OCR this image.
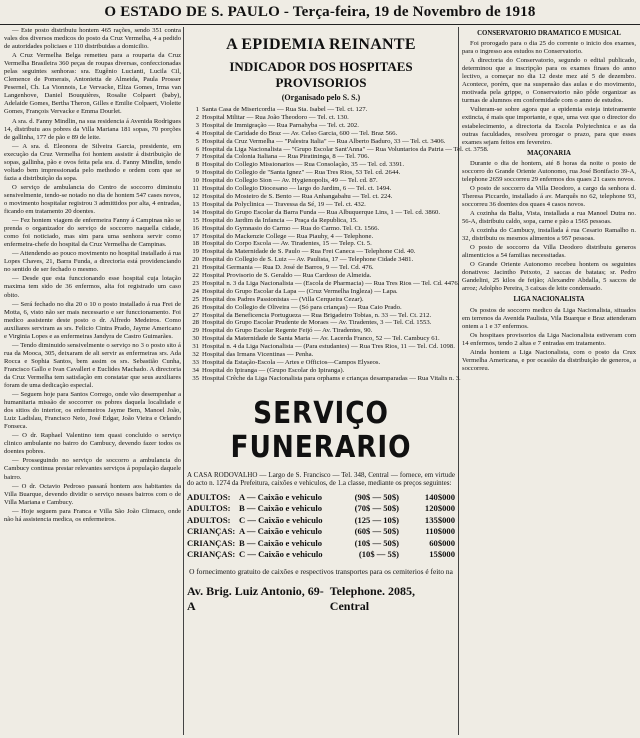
O ESTADO DE S. PAULO - Terça-feira, 19 de Novembro de 1918

— Este posto distribuiu hontem 465 rações, sendo 351 contra vales dos diversos medicos do posto da Cruz Vermelha, 4 a pedido de autoridades policiaes e 110 distribuidas a domicilio.

A Cruz Vermelha Belga remetteu para a rouparia da Cruz Vermelha Brasileira 360 peças de roupas diversas, confeccionadas pelas seguintes senhoras: sra. Eugênio Lucianti, Lucila Cil, Clemence de Pomerais, Antonietta de Almeida, Paula Prosser Pesernel, Ch. La Vionnois, Le Vervacke, Eliza Gomes, Irma van Langenhove, Daniel Bouquières, Rosalie Colpaert (baby), Adelaide Gomes, Bertha Theron, Gilles e Emilie Colpaert, Violette Gomes, François Vervacke e Emma Dourlet.

A sra. d. Fanny Mindlin, na sua residencia á Avenida Rodrigues 14, distribuiu aos pobres da Villa Mariana 181 sopas, 70 porções de gallinha, 177 de pão e 89 de leite.

— A sra. d. Eleonora de Silveira Garcia, presidente, em execução da Cruz Vermelha foi hontem assistir á distribuição de sopas, gallinha, pão e ovos feita pela sra. d. Fanny Mindlin, tendo voltado bem impressionada pelo methodo e ordem com que se fazia a distribuição da sopa.

O serviço de ambulancia do Centro de soccorro diminuiu sensivelmente, tendo-se notado no dia de hontem 547 cases novos, o movimento hospitalar registrou 3 admittidos por alta, 4 entradas, ficando em tratamento 20 doentes.

— Fez hontem viagem de enfermeira Fanny á Campinas não se prenda o organizador do serviço de soccorro naquella cidade, como foi noticiado, mas sim para uma senhora servir como enfermeira-chefe do hospital da Cruz Vermelha de Campinas.

— Attendendo ao pouco movimento no hospital installado á rua Lopes Chaves, 21, Barra Funda, a directoria está providenciando no sentido de ser fechado o mesmo.

— Desde que esta funccionando esse hospital cuja lotação maxima tem sido de 36 enfermos, alta foi registrado um caso obito.

— Será fechado no dia 20 o 10 o posto installado á rua Frei de Motta, 6, visto não ser mais necessario e ser funccionamento. Foi medico assistente deste posto o dr. Alfredo Medeiros. Como auxiliares serviram as srs. Felicio Cintra Prado, Jayme Americano e Virginia Lopes e as enfermeiras Jandyra de Castro Guimarães.

— Tendo diminuido sensivelmente o serviço no 3 o posto sito á rua da Mooca, 305, deixaram de ali servir as enfermeiras srs. Ada Rocca e Sophia Santos, bem assim os srs. Sebastião Cunha, Francisco Gallo e Ivan Cavalleri e Euclides Machado. A directoria da Cruz Vermelha tem satisfação em constatar que seus auxiliares foram de uma dedicação especial.

— Seguem hoje para Santos Corrego, onde vão desempenhar a humanitaria missão de soccorrer os pobres daquela localidade e dos sitios do interior, os enfermeiros Jayme Bem, Manoel João, Luiz Ladislau, Francisco Neto, José Edgar, João Vieira e Orlando Fonseca.

— O dr. Raphael Valentino tem quasi concluido o serviço clinico ambulante no bairro do Cambucy, devendo fazer todos os doentes pobres.

— Prosseguindo no serviço de soccorro a ambulancia do Cambucy continua prestar relevantes serviços á população daquele bairro.

— O dr. Octavio Pedroso passará hontem aos habitantes da Villa Buarque, devendo dividir o serviço nesses bairros com o de Villa Mariana e Cambucy.

— Hoje seguem para Franca e Villa São João Climaco, onde não há assistencia medica, os enfermeiros.

A EPIDEMIA REINANTE
INDICADOR DOS HOSPITAES PROVISORIOS
(Organisado pelo S. S.)
1 Santa Casa de Misericordia — Rua Sta. Isabel — Tel. ct. 127.
2 Hospital Militar — Rua João Theodoro — Tel. ct. 130.
3 Hospital de Immigração — Rua Parnahyba — Tel. ct. 202.
4 Hospital de Caridade do Braz — Av. Celso Garcia, 600 — Tel. Braz 566.
5 Hospital da Cruz Vermelha — "Palestra Italia" — Rua Alberto Baduro, 33 — Tel. ct. 3406.
6 Hospital da Liga Nacionalista — "Grupo Escolar Sant'Anna" — Rua Voluntarios da Patria — Tel. ct. 3758.
7 Hospital da Colonia Italiana — Rua Piratininga, 8 — Tel. 706.
8 Hospital do Collegio Missionarios — Rua Consolação, 35 — Tel. cd. 3391.
9 Hospital do Collegio de "Santa Ignez" — Rua Tres Rios, 53 Tel. cd. 2644.
10 Hospital do Collegio Sion — Av. Hygienopolis, 49 — Tel. cd. 87.
11 Hospital do Collegio Diocesano — largo do Jardim, 6 — Tel. ct. 1494.
12 Hospital do Mosteiro de S. Bento — Rua Anhangabahu — Tel. ct. 224.
13 Hospital da Polyclinica — Travessa da Sé, 19 — Tel. ct. 432.
14 Hospital do Grupo Escolar da Barra Funda — Rua Albuquerque Lins, 1 — Tel. cd. 3860.
15 Hospital do Jardim da Infancia — Praça da Republica, 15.
16 Hospital do Gymnasio do Carmo — Rua do Carmo. Tel. Ct. 1566.
17 Hospital do Mackenzie College — Rua Piauhy, 4 — Telephone.
18 Hospital do Corpo Escola — Av. Tiradentes, 15 — Telep. Ct. 5.
19 Hospital da Maternidade de S. Paulo — Rua Frei Caneca — Telephone Cid. 40.
20 Hospital do Collegio de S. Luiz — Av. Paulista, 17 — Telephone Cidade 3481.
21 Hospital Germania — Rua D. José de Barros, 9 — Tel. Cd. 476.
22 Hospital Provisorio de S. Geraldo — Rua Cardoso de Almeida.
23 Hospital n. 3 da Liga Nacionalista — (Escola de Pharmacia) — Rua Tres Rios — Tel. Cd. 4476.
24 Hospital do Grupo Escolar da Lapa — (Cruz Vermelha Ingleza) — Lapa.
25 Hospital dos Padres Passionistas — (Villa Cerqueira Cezar).
26 Hospital do Collegio de Oliveira — (Só para crianças) — Rua Caio Prado.
27 Hospital da Beneficencia Portugueza — Rua Brigadeiro Tobias, n. 33 — Tel. Ct. 212.
28 Hospital do Grupo Escolar Prudente de Moraes — Av. Tiradentes, 3 — Tel. Cd. 1553.
29 Hospital do Grupo Escolar Regente Feijó — Av. Tiradentes, 90.
30 Hospital da Maternidade de Santa Maria — Av. Lacerda Franco, 52 — Tel. Cambucy 61.
31 Hospital n. 4 da Liga Nacionalista — (Para estudantes) — Rua Tres Rios, 11 — Tel. Cd. 1098.
32 Hospital das Irmans Vicentinas — Penha.
33 Hospital da Estação-Escola — Artes e Officios—Campos Elyseos.
34 Hospital do Ipiranga — (Grupo Escolar do Ipiranga).
35 Hospital Crêche da Liga Nacionalista para orphams e crianças desamparadas — Rua Vitalis n. 3.
SERVIÇO FUNERARIO
A CASA RODOVALHO — Largo de S. Francisco — Tel. 348, Central — fornece, em virtude do acto n. 1274 da Prefeitura, caixões e vehiculos, de 1.a classe, mediante os preços seguintes:
ADULTOS: A — Caixão e vehiculo	(90$ — 50$)	140$000
ADULTOS: B — Caixão e vehiculo	(70$ — 50$)	120$000
ADULTOS: C — Caixão e vehiculo	(125 — 10$)	135$000
CRIANÇAS: A — Caixão e vehiculo	(60$ — 50$)	110$000
CRIANÇAS: B — Caixão e vehiculo	(10$ — 50$)	60$000
CRIANÇAS: C — Caixão e vehiculo	(10$ — 5$)	15$000
O fornecimento gratuito de caixões e respectivos transportes para os cemiterios é feito na
Av. Brig. Luiz Antonio, 69-A
Telephone. 2085, Central
CONSERVATORIO DRAMATICO E MUSICAL

Foi prorogado para o dia 25 do corrente o inicio dos exames, para o ingresso aos estudos no Conservatorio.

A directoria do Conservatorio, segundo o edital publicado, determinou que a inscripção para os exames finaes do anno lectivo, a começar no dia 12 deste mez até 5 de dezembro. Acontece, porém, que na suspensão das aulas e do movimento, motivada pela grippe, o Conservatorio não pôde organizar as turmas de alumnos em conformidade com o anno de estudos.

Vulteram-se sobre agora que a epidemia esteja inteiramente extincta, é mais que importante, e que, uma vez que o director do estabelecimento, a directoria da Escola Polytechnica e as da outras faculdades, resolveu prorogar o prazo, para que esses exames sejam feitos em fevereiro.

MAÇONARIA

Durante o dia de hontem, até 8 horas da noite o posto de soccorro do Grande Oriente Autonomo, rua José Bonifacio 39-A, telephone 2659 soccorreu 29 enfermos dos quaes 21 casos novos.

O posto de soccorro da Villa Deodoro, a cargo da senhora d. Theresa Piccardo, installado á av. Marquês no 62, telephone 93, soccorreu 36 doentes dos quaes 4 casos novos.

A cozinha da Balta, Vista, installada a rua Manoel Dutra no. 56-A, distribuiu caldo, sopa, carne e pão a 1565 pessoas.

A cozinha do Cambucy, installada á rua Cesario Ramalho n. 32, distribuiu os mesmos alimentos a 957 pessoas.

O posto de soccorro da Villa Deodoro distribuiu generos alimenticios a 54 familias necessitadas.

O Grande Oriente Autonomo recebeu hontem os seguintes donativos: Jacintho Peixoto, 2 saccas de batatas; sr. Pedro Gandelini, 25 kilos de feijão; Alexandre Abdalla, 5 saccos de arroz; Adolpho Pereira, 3 caixas de leite condensado.

LIGA NACIONALISTA

Os postos de soccorro medico da Liga Nacionalista, situados em terrenos da Avenida Paulista, Vila Buarque e Braz attenderam ontem a 1 e 37 enfermos.

Os hospitaes provisorios da Liga Nacionalista estiveram com 14 enfermos, tendo 2 altas e 7 entradas em tratamento.

Ainda hontem a Liga Nacionalista, com o posto da Crux Vermelha Americana, e por ocasião da distribuição de generos, a soccorreu.
